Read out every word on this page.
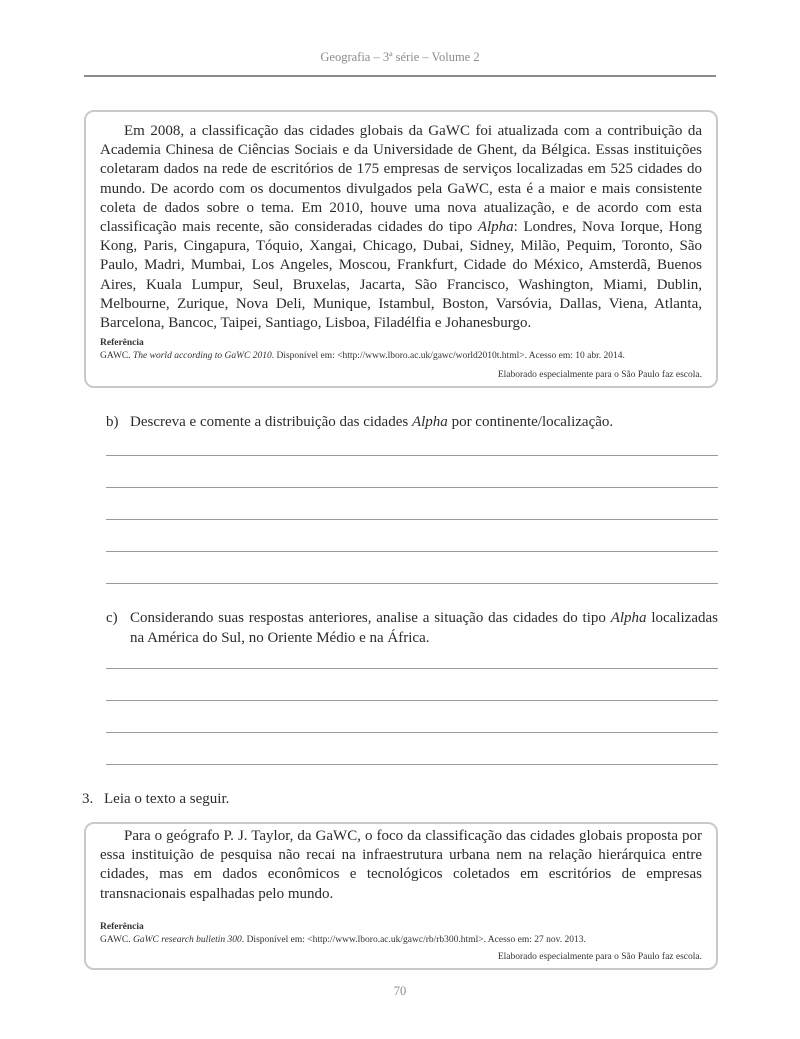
Geografia – 3ª série – Volume 2

Em 2008, a classificação das cidades globais da GaWC foi atualizada com a contribuição da Academia Chinesa de Ciências Sociais e da Universidade de Ghent, da Bélgica. Essas instituições coletaram dados na rede de escritórios de 175 empresas de serviços localizadas em 525 cidades do mundo. De acordo com os documentos divulgados pela GaWC, esta é a maior e mais consistente coleta de dados sobre o tema. Em 2010, houve uma nova atualização, e de acordo com esta classificação mais recente, são consideradas cidades do tipo Alpha: Londres, Nova Iorque, Hong Kong, Paris, Cingapura, Tóquio, Xangai, Chicago, Dubai, Sidney, Milão, Pequim, Toronto, São Paulo, Madri, Mumbai, Los Angeles, Moscou, Frankfurt, Cidade do México, Amsterdã, Buenos Aires, Kuala Lumpur, Seul, Bruxelas, Jacarta, São Francisco, Washington, Miami, Dublin, Melbourne, Zurique, Nova Deli, Munique, Istambul, Boston, Varsóvia, Dallas, Viena, Atlanta, Barcelona, Bancoc, Taipei, Santiago, Lisboa, Filadélfia e Johanesburgo.

Referência
GAWC. The world according to GaWC 2010. Disponível em: <http://www.lboro.ac.uk/gawc/world2010t.html>. Acesso em: 10 abr. 2014.
Elaborado especialmente para o São Paulo faz escola.
b) Descreva e comente a distribuição das cidades Alpha por continente/localização.
c) Considerando suas respostas anteriores, analise a situação das cidades do tipo Alpha localizadas na América do Sul, no Oriente Médio e na África.
3. Leia o texto a seguir.

Para o geógrafo P. J. Taylor, da GaWC, o foco da classificação das cidades globais proposta por essa instituição de pesquisa não recai na infraestrutura urbana nem na relação hierárquica entre cidades, mas em dados econômicos e tecnológicos coletados em escritórios de empresas transnacionais espalhadas pelo mundo.

Referência
GAWC. GaWC research bulletin 300. Disponível em: <http://www.lboro.ac.uk/gawc/rb/rb300.html>. Acesso em: 27 nov. 2013.
Elaborado especialmente para o São Paulo faz escola.
70
